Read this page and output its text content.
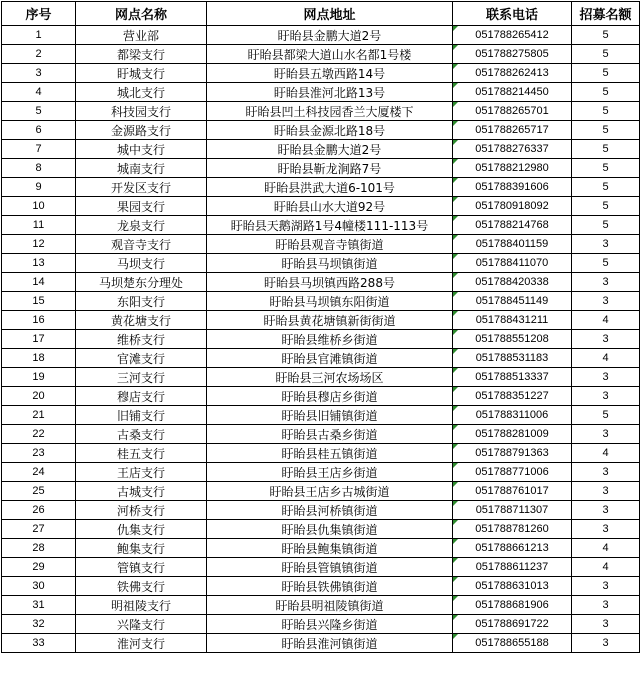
序号	网点名称	网点地址	联系电话	招募名额
1	营业部	盱眙县金鹏大道2号	051788265412	5
2	都梁支行	盱眙县都梁大道山水名都1号楼	051788275805	5
3	盱城支行	盱眙县五墩西路14号	051788262413	5
4	城北支行	盱眙县淮河北路13号	051788214450	5
5	科技园支行	盱眙县凹土科技园香兰大厦楼下	051788265701	5
6	金源路支行	盱眙县金源北路18号	051788265717	5
7	城中支行	盱眙县金鹏大道2号	051788276337	5
8	城南支行	盱眙县靳龙涧路7号	051788212980	5
9	开发区支行	盱眙县洪武大道6-101号	051788391606	5
10	果园支行	盱眙县山水大道92号	051780918092	5
11	龙泉支行	盱眙县天鹅湖路1号4幢楼111-113号	051788214768	5
12	观音寺支行	盱眙县观音寺镇街道	051788401159	3
13	马坝支行	盱眙县马坝镇街道	051788411070	5
14	马坝楚东分理处	盱眙县马坝镇西路288号	051788420338	3
15	东阳支行	盱眙县马坝镇东阳街道	051788451149	3
16	黄花塘支行	盱眙县黄花塘镇新街街道	051788431211	4
17	维桥支行	盱眙县维桥乡街道	051788551208	3
18	官滩支行	盱眙县官滩镇街道	051788531183	4
19	三河支行	盱眙县三河农场场区	051788513337	3
20	穆店支行	盱眙县穆店乡街道	051788351227	3
21	旧铺支行	盱眙县旧铺镇街道	051788311006	5
22	古桑支行	盱眙县古桑乡街道	051788281009	3
23	桂五支行	盱眙县桂五镇街道	051788791363	4
24	王店支行	盱眙县王店乡街道	051788771006	3
25	古城支行	盱眙县王店乡古城街道	051788761017	3
26	河桥支行	盱眙县河桥镇街道	051788711307	3
27	仇集支行	盱眙县仇集镇街道	051788781260	3
28	鲍集支行	盱眙县鲍集镇街道	051788661213	4
29	管镇支行	盱眙县管镇镇街道	051788611237	4
30	铁佛支行	盱眙县铁佛镇街道	051788631013	3
31	明祖陵支行	盱眙县明祖陵镇街道	051788681906	3
32	兴隆支行	盱眙县兴隆乡街道	051788691722	3
33	淮河支行	盱眙县淮河镇街道	051788655188	3
